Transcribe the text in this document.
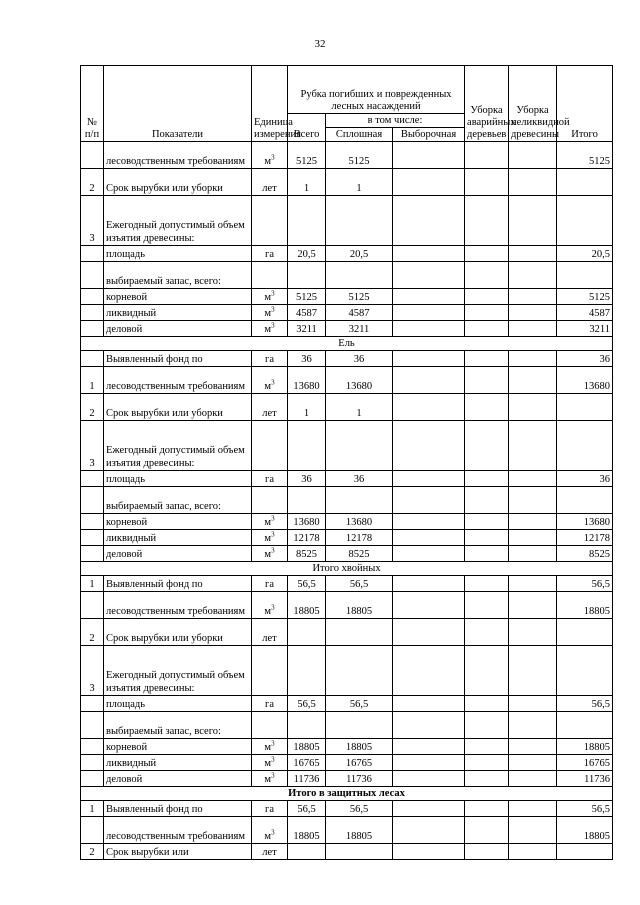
32
№ п/п	Показатели	Единица измерения	Рубка погибших и поврежденных лесных насаждений			Уборка аварийных деревьев	Уборка неликвидной древесины	Итого
			Всего	в том числе:				
				Сплошная	Выборочная			
	лесоводственным требованиям	$м^3$	5125	5125				5125
2	Срок вырубки или уборки	лет	1	1				
3	Ежегодный допустимый объем изъятия древесины:							
	площадь	га	20,5	20,5				20,5
	выбираемый запас, всего:							
	корневой	$м^3$	5125	5125				5125
	ликвидный	$м^3$	4587	4587				4587
	деловой	$м^3$	3211	3211				3211
Ель								
	Выявленный фонд по	га	36	36				36
1	лесоводственным требованиям	$м^3$	13680	13680				13680
2	Срок вырубки или уборки	лет	1	1				
3	Ежегодный допустимый объем изъятия древесины:							
	площадь	га	36	36				36
	выбираемый запас, всего:							
	корневой	$м^3$	13680	13680				13680
	ликвидный	$м^3$	12178	12178				12178
	деловой	$м^3$	8525	8525				8525
Итого хвойных								
1	Выявленный фонд по	га	56,5	56,5				56,5
	лесоводственным требованиям	$м^3$	18805	18805				18805
2	Срок вырубки или уборки	лет						
3	Ежегодный допустимый объем изъятия древесины:							
	площадь	га	56,5	56,5				56,5
	выбираемый запас, всего:							
	корневой	$м^3$	18805	18805				18805
	ликвидный	$м^3$	16765	16765				16765
	деловой	$м^3$	11736	11736				11736
Итого в защитных лесах								
1	Выявленный фонд по	га	56,5	56,5				56,5
	лесоводственным требованиям	$м^3$	18805	18805				18805
2	Срок вырубки или	лет						
